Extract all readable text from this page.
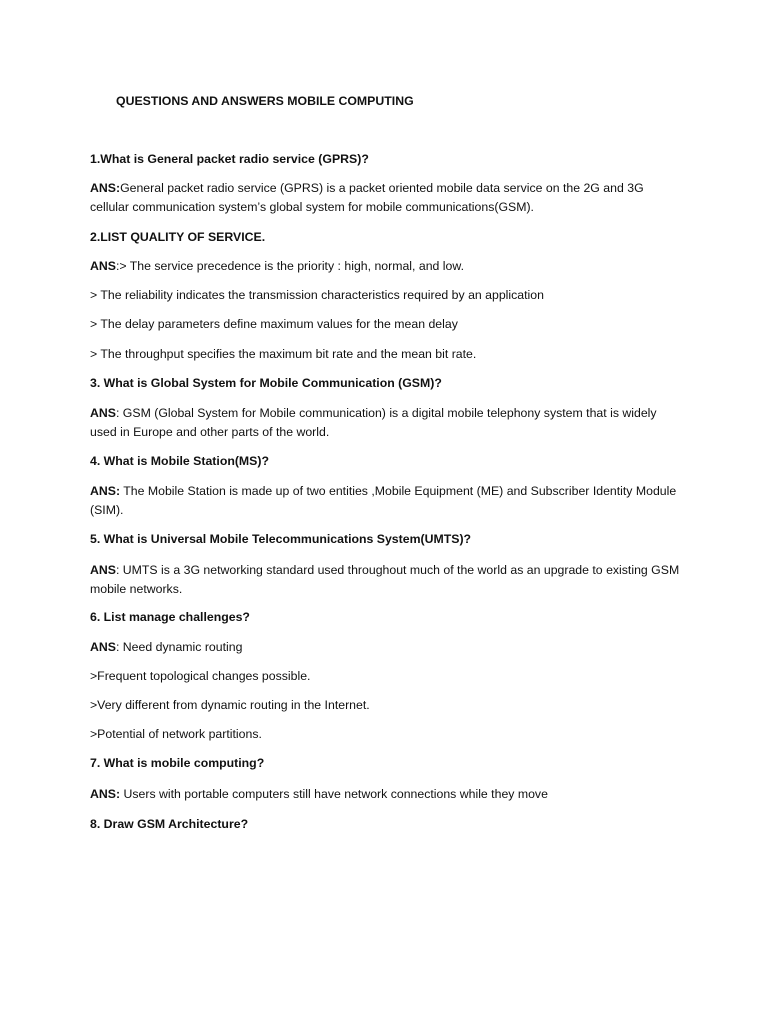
QUESTIONS AND ANSWERS MOBILE COMPUTING
1.What is General packet radio service (GPRS)?
ANS:General packet radio service (GPRS) is a packet oriented mobile data service on the 2G and 3G cellular communication system’s global system for mobile communications(GSM).
2.LIST QUALITY OF SERVICE.
ANS:> The service precedence is the priority : high, normal, and low.
> The reliability indicates the transmission characteristics required by an application
> The delay parameters define maximum values for the mean delay
> The throughput specifies the maximum bit rate and the mean bit rate.
3. What is Global System for Mobile Communication (GSM)?
ANS: GSM (Global System for Mobile communication) is a digital mobile telephony system that is widely used in Europe and other parts of the world.
4. What is Mobile Station(MS)?
ANS: The Mobile Station is made up of two entities ,Mobile Equipment (ME) and Subscriber Identity Module (SIM).
5. What is Universal Mobile Telecommunications System(UMTS)?
ANS: UMTS is a 3G networking standard used throughout much of the world as an upgrade to existing GSM mobile networks.
6. List manage challenges?
ANS: Need dynamic routing
>Frequent topological changes possible.
>Very different from dynamic routing in the Internet.
>Potential of network partitions.
7. What is mobile computing?
ANS: Users with portable computers still have network connections while they move
8. Draw GSM Architecture?
